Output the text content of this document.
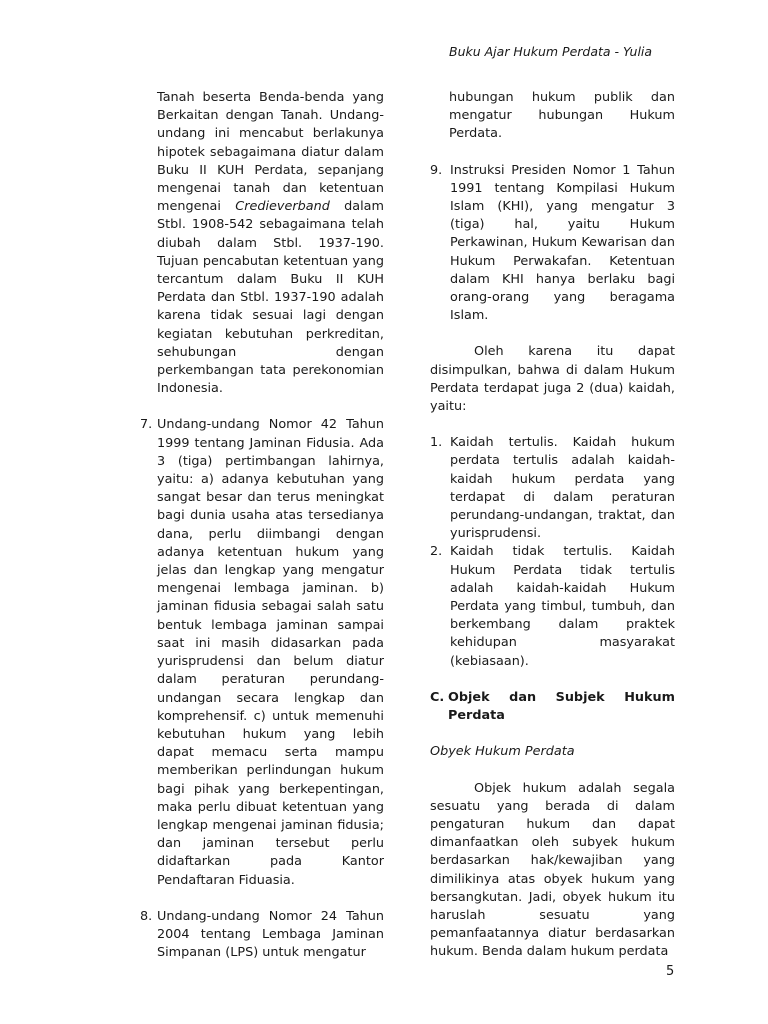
Buku Ajar Hukum Perdata - Yulia

Tanah beserta Benda-benda yang Berkaitan dengan Tanah. Undang-undang ini mencabut berlakunya hipotek sebagaimana diatur dalam Buku II KUH Perdata, sepanjang mengenai tanah dan ketentuan mengenai Credieverband dalam Stbl. 1908-542 sebagaimana telah diubah dalam Stbl. 1937-190. Tujuan pencabutan ketentuan yang tercantum dalam Buku II KUH Perdata dan Stbl. 1937-190 adalah karena tidak sesuai lagi dengan kegiatan kebutuhan perkreditan, sehubungan dengan perkembangan tata perekonomian Indonesia.

7. Undang-undang Nomor 42 Tahun 1999 tentang Jaminan Fidusia. Ada 3 (tiga) pertimbangan lahirnya, yaitu: a) adanya kebutuhan yang sangat besar dan terus meningkat bagi dunia usaha atas tersedianya dana, perlu diimbangi dengan adanya ketentuan hukum yang jelas dan lengkap yang mengatur mengenai lembaga jaminan. b) jaminan fidusia sebagai salah satu bentuk lembaga jaminan sampai saat ini masih didasarkan pada yurisprudensi dan belum diatur dalam peraturan perundang-undangan secara lengkap dan komprehensif. c) untuk memenuhi kebutuhan hukum yang lebih dapat memacu serta mampu memberikan perlindungan hukum bagi pihak yang berkepentingan, maka perlu dibuat ketentuan yang lengkap mengenai jaminan fidusia; dan jaminan tersebut perlu didaftarkan pada Kantor Pendaftaran Fiduasia.
8. Undang-undang Nomor 24 Tahun 2004 tentang Lembaga Jaminan Simpanan (LPS) untuk mengatur

hubungan hukum publik dan mengatur hubungan Hukum Perdata.

9. Instruksi Presiden Nomor 1 Tahun 1991 tentang Kompilasi Hukum Islam (KHI), yang mengatur 3 (tiga) hal, yaitu Hukum Perkawinan, Hukum Kewarisan dan Hukum Perwakafan. Ketentuan dalam KHI hanya berlaku bagi orang-orang yang beragama Islam.

Oleh karena itu dapat disimpulkan, bahwa di dalam Hukum Perdata terdapat juga 2 (dua) kaidah, yaitu:

1. Kaidah tertulis. Kaidah hukum perdata tertulis adalah kaidah-kaidah hukum perdata yang terdapat di dalam peraturan perundang-undangan, traktat, dan yurisprudensi.
2. Kaidah tidak tertulis. Kaidah Hukum Perdata tidak tertulis adalah kaidah-kaidah Hukum Perdata yang timbul, tumbuh, dan berkembang dalam praktek kehidupan masyarakat (kebiasaan).
C. Objek dan Subjek Hukum Perdata

Obyek Hukum Perdata

Objek hukum adalah segala sesuatu yang berada di dalam pengaturan hukum dan dapat dimanfaatkan oleh subyek hukum berdasarkan hak/kewajiban yang dimilikinya atas obyek hukum yang bersangkutan. Jadi, obyek hukum itu haruslah sesuatu yang pemanfaatannya diatur berdasarkan hukum. Benda dalam hukum perdata

5
